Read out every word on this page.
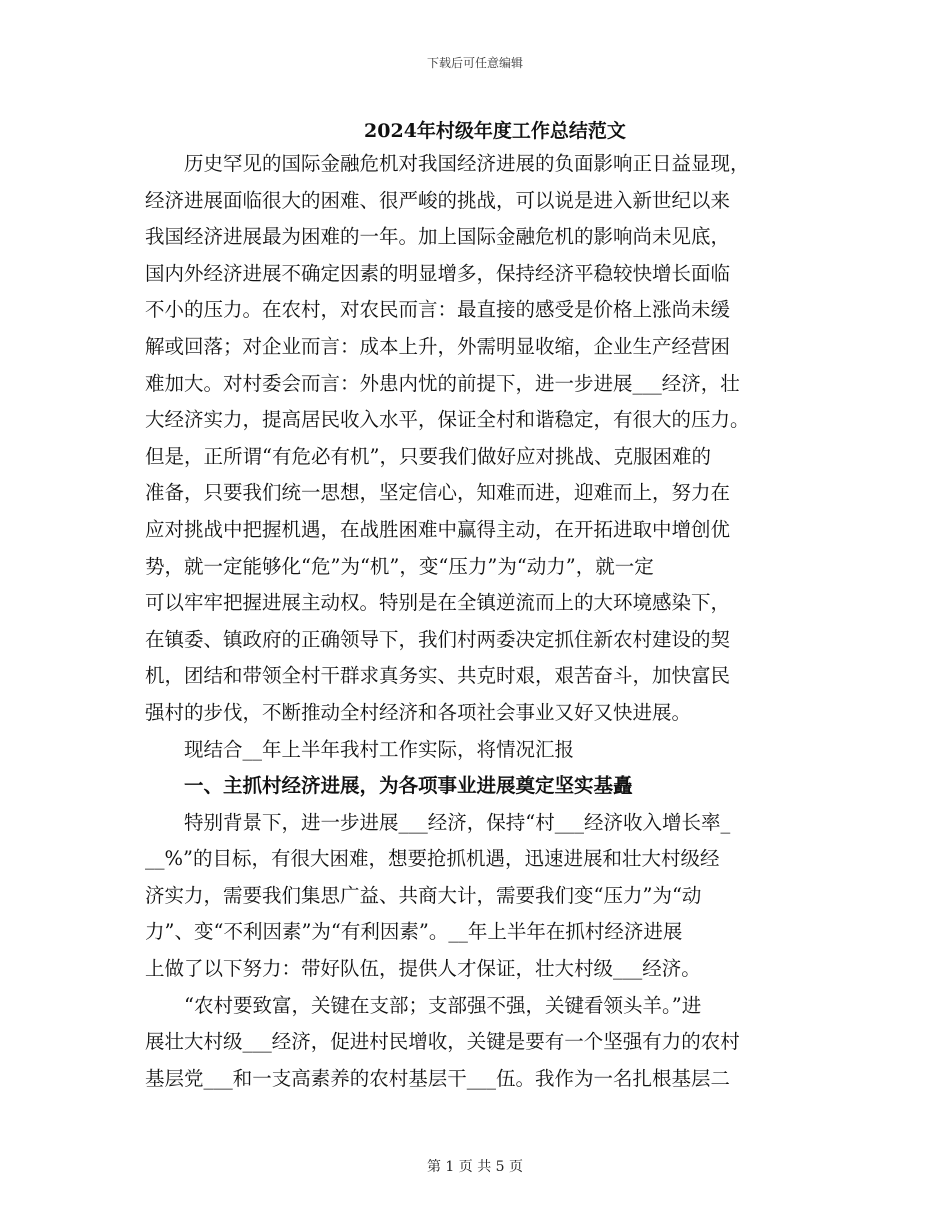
下载后可任意编辑
2024年村级年度工作总结范文
　　历史罕见的国际金融危机对我国经济进展的负面影响正日益显现，
经济进展面临很大的困难、很严峻的挑战，可以说是进入新世纪以来
我国经济进展最为困难的一年。加上国际金融危机的影响尚未见底，
国内外经济进展不确定因素的明显增多，保持经济平稳较快增长面临
不小的压力。在农村，对农民而言：最直接的感受是价格上涨尚未缓
解或回落；对企业而言：成本上升，外需明显收缩，企业生产经营困
难加大。对村委会而言：外患内忧的前提下，进一步进展___经济，壮
大经济实力，提高居民收入水平，保证全村和谐稳定，有很大的压力。
但是，正所谓“有危必有机”，只要我们做好应对挑战、克服困难的
准备，只要我们统一思想，坚定信心，知难而进，迎难而上，努力在
应对挑战中把握机遇，在战胜困难中赢得主动，在开拓进取中增创优
势，就一定能够化“危”为“机”，变“压力”为“动力”，就一定
可以牢牢把握进展主动权。特别是在全镇逆流而上的大环境感染下，
在镇委、镇政府的正确领导下，我们村两委决定抓住新农村建设的契
机，团结和带领全村干群求真务实、共克时艰，艰苦奋斗，加快富民
强村的步伐，不断推动全村经济和各项社会事业又好又快进展。
　　现结合__年上半年我村工作实际，将情况汇报
　　一、主抓村经济进展，为各项事业进展奠定坚实基矗
　　特别背景下，进一步进展___经济，保持“村___经济收入增长率_
__%”的目标，有很大困难，想要抢抓机遇，迅速进展和壮大村级经
济实力，需要我们集思广益、共商大计，需要我们变“压力”为“动
力”、变“不利因素”为“有利因素”。__年上半年在抓村经济进展
上做了以下努力：带好队伍，提供人才保证，壮大村级___经济。
　　“农村要致富，关键在支部；支部强不强，关键看领头羊。”进
展壮大村级___经济，促进村民增收，关键是要有一个坚强有力的农村
基层党___和一支高素养的农村基层干___伍。我作为一名扎根基层二
第 1 页 共 5 页
